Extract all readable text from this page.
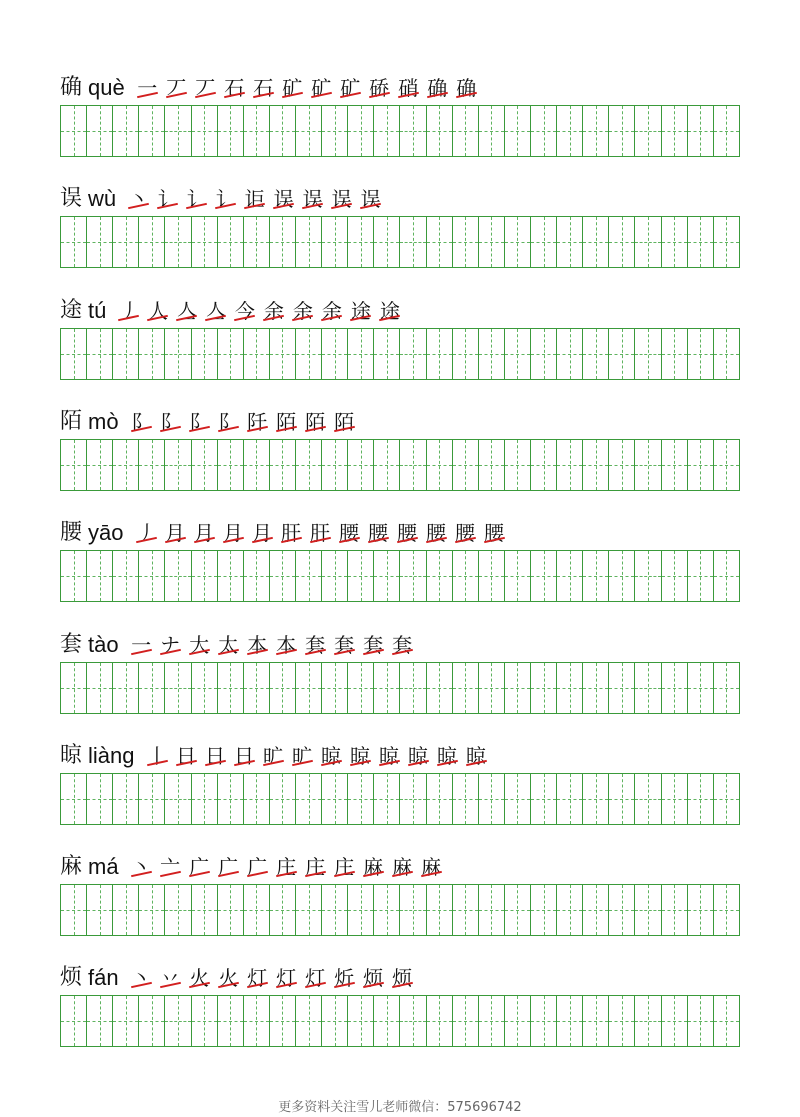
确 què 一 丆 丆 石 石 矿 矿 矿 硚 硝 确 确
误 wù 丶 讠 讠 讠 讵 误 误 误 误
途 tú 丿 人 亼 亼 今 余 余 余 途 途
陌 mò 阝 阝 阝 阝 阡 陌 陌 陌
腰 yāo 丿 月 月 月 月 肝 肝 腰 腰 腰 腰 腰 腰
套 tào 一 ナ 大 太 本 本 套 套 套 套
晾 liàng 丨 日 日 日 旷 旷 晾 晾 晾 晾 晾 晾
麻 má 丶 亠 广 广 广 庄 庄 庄 麻 麻 麻
烦 fán 丶 丷 火 火 灯 灯 灯 炘 烦 烦
更多资料关注雪儿老师微信：575696742
